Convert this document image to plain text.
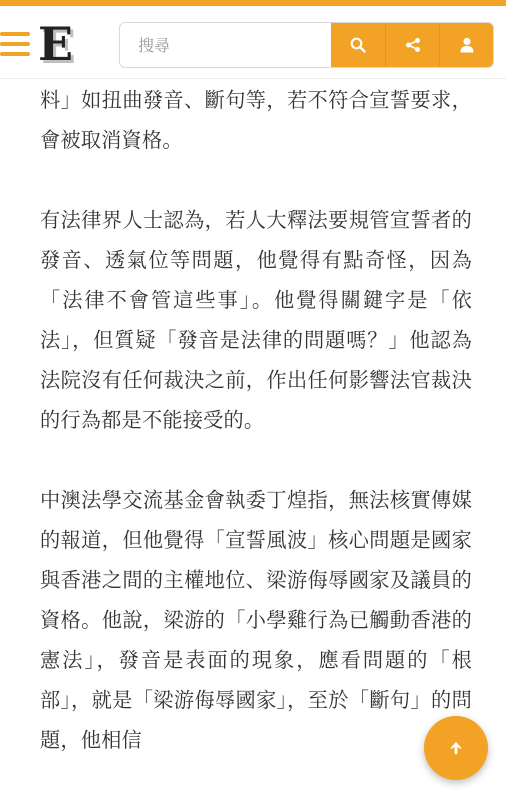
E
搜尋

料」如扭曲發音、斷句等，若不符合宣誓要求，會被取消資格。

有法律界人士認為，若人大釋法要規管宣誓者的發音、透氣位等問題，他覺得有點奇怪，因為「法律不會管這些事」。他覺得關鍵字是「依法」，但質疑「發音是法律的問題嗎？」他認為法院沒有任何裁決之前，作出任何影響法官裁決的行為都是不能接受的。

中澳法學交流基金會執委丁煌指，無法核實傳媒的報道，但他覺得「宣誓風波」核心問題是國家與香港之間的主權地位、梁游侮辱國家及議員的資格。他說，梁游的「小學雞行為已觸動香港的憲法」，發音是表面的現象，應看問題的「根部」，就是「梁游侮辱國家」，至於「斷句」的問題，他相信
